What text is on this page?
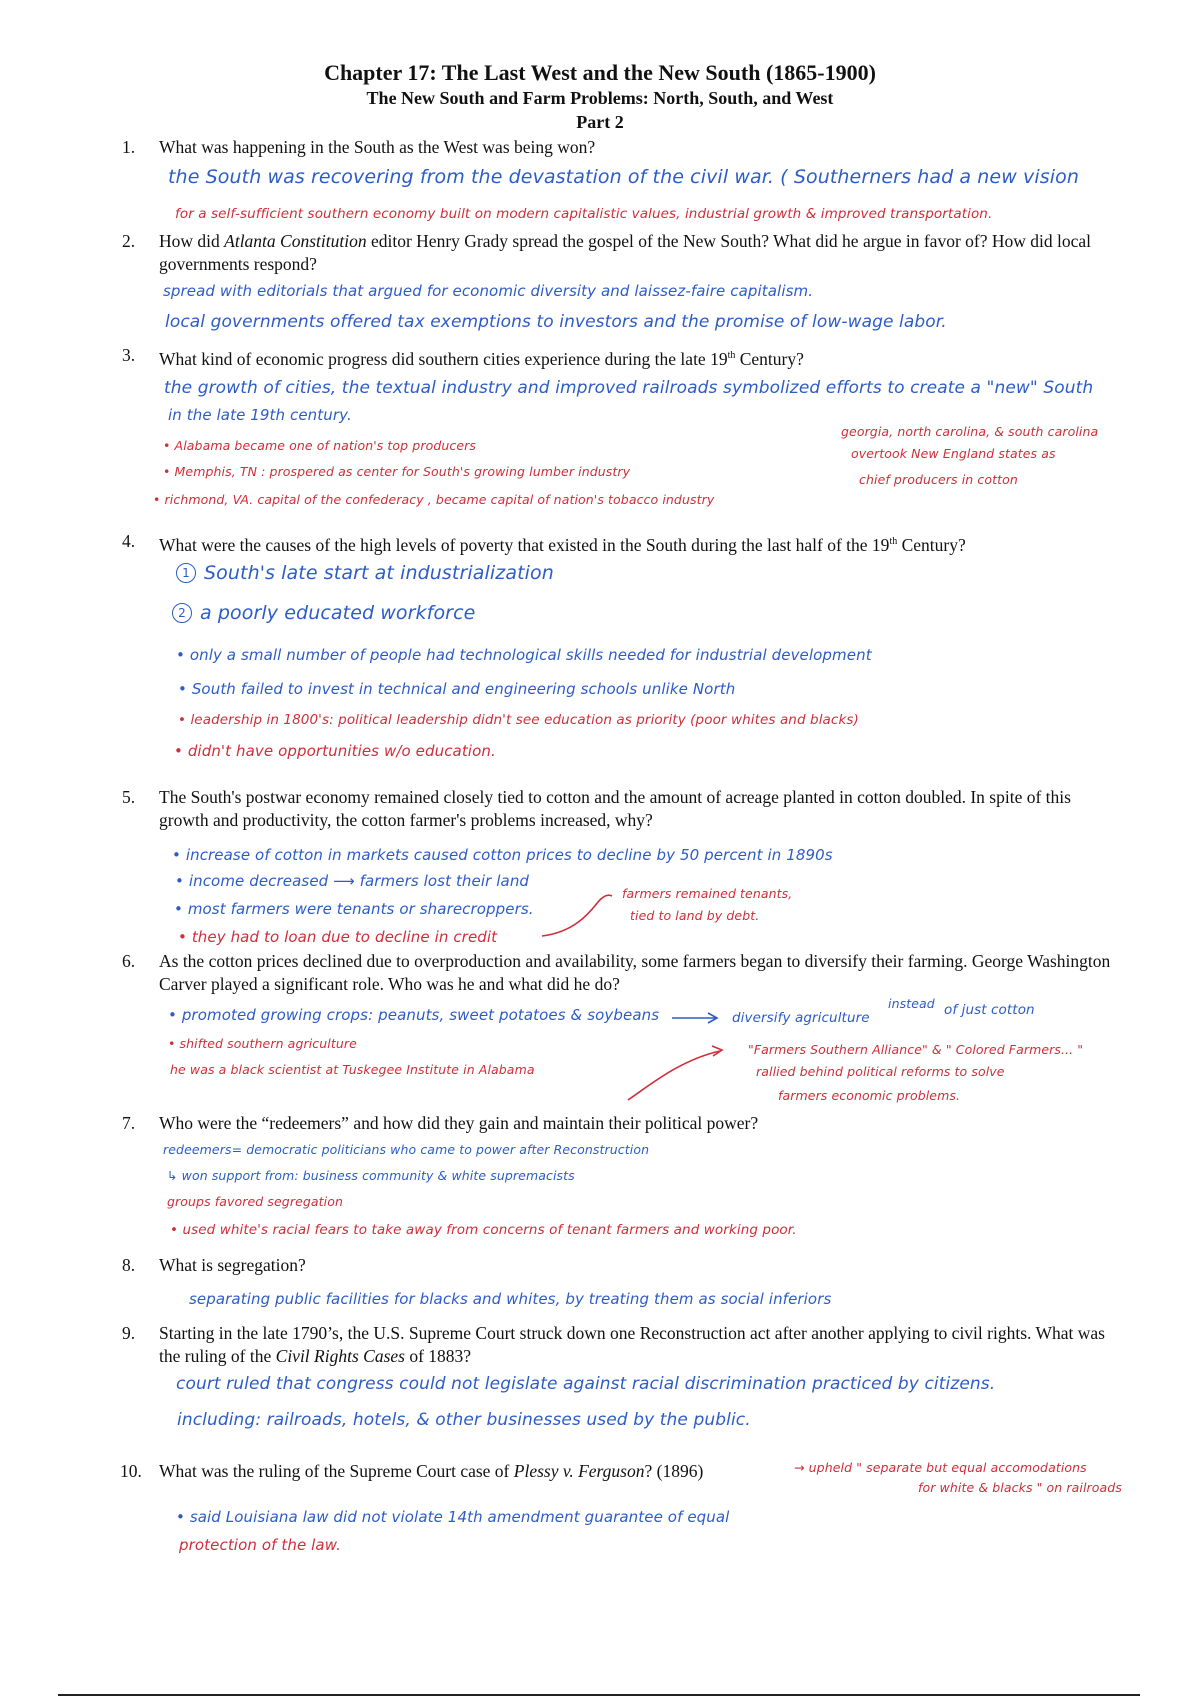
Chapter 17: The Last West and the New South (1865-1900)
The New South and Farm Problems: North, South, and West
Part 2
1. What was happening in the South as the West was being won?
the South was recovering from the devastation of the civil war. ( Southerners had a new vision
for a self-sufficient southern economy built on modern capitalistic values, industrial growth & improved transportation.
2. How did Atlanta Constitution editor Henry Grady spread the gospel of the New South? What did he argue in favor of? How did local governments respond?
spread with editorials that argued for economic diversity and laissez-faire capitalism.
local governments offered tax exemptions to investors and the promise of low-wage labor.
3. What kind of economic progress did southern cities experience during the late 19th Century?
the growth of cities, the textual industry and improved railroads symbolized efforts to create a "new" South
in the late 19th century.
• Alabama became one of nation's top producers
• Memphis, TN : prospered as center for South's growing lumber industry
• richmond, VA. capital of the confederacy , became capital of nation's tobacco industry
georgia, north carolina, & south carolina
overtook New England states as
chief producers in cotton
4. What were the causes of the high levels of poverty that existed in the South during the last half of the 19th Century?
1 South's late start at industrialization
2 a poorly educated workforce
• only a small number of people had technological skills needed for industrial development
• South failed to invest in technical and engineering schools unlike North
• leadership in 1800's: political leadership didn't see education as priority (poor whites and blacks)
• didn't have opportunities w/o education.
5. The South's postwar economy remained closely tied to cotton and the amount of acreage planted in cotton doubled. In spite of this growth and productivity, the cotton farmer's problems increased, why?
• increase of cotton in markets caused cotton prices to decline by 50 percent in 1890s
• income decreased ⟶ farmers lost their land
• most farmers were tenants or sharecroppers.
• they had to loan due to decline in credit
farmers remained tenants,
tied to land by debt.
6. As the cotton prices declined due to overproduction and availability, some farmers began to diversify their farming. George Washington Carver played a significant role. Who was he and what did he do?
• promoted growing crops: peanuts, sweet potatoes & soybeans	diversify agriculture
instead of just cotton
• shifted southern agriculture
he was a black scientist at Tuskegee Institute in Alabama
"Farmers Southern Alliance" & " Colored Farmers... "
rallied behind political reforms to solve
farmers economic problems.
7. Who were the “redeemers” and how did they gain and maintain their political power?
redeemers= democratic politicians who came to power after Reconstruction
↳ won support from: business community & white supremacists
groups favored segregation
• used white's racial fears to take away from concerns of tenant farmers and working poor.
8. What is segregation?
separating public facilities for blacks and whites, by treating them as social inferiors
9. Starting in the late 1790’s, the U.S. Supreme Court struck down one Reconstruction act after another applying to civil rights. What was the ruling of the Civil Rights Cases of 1883?
court ruled that congress could not legislate against racial discrimination practiced by citizens.
including: railroads, hotels, & other businesses used by the public.
10. What was the ruling of the Supreme Court case of Plessy v. Ferguson? (1896)	→ upheld " separate but equal accomodations
for white & blacks " on railroads
• said Louisiana law did not violate 14th amendment guarantee of equal
protection of the law.
